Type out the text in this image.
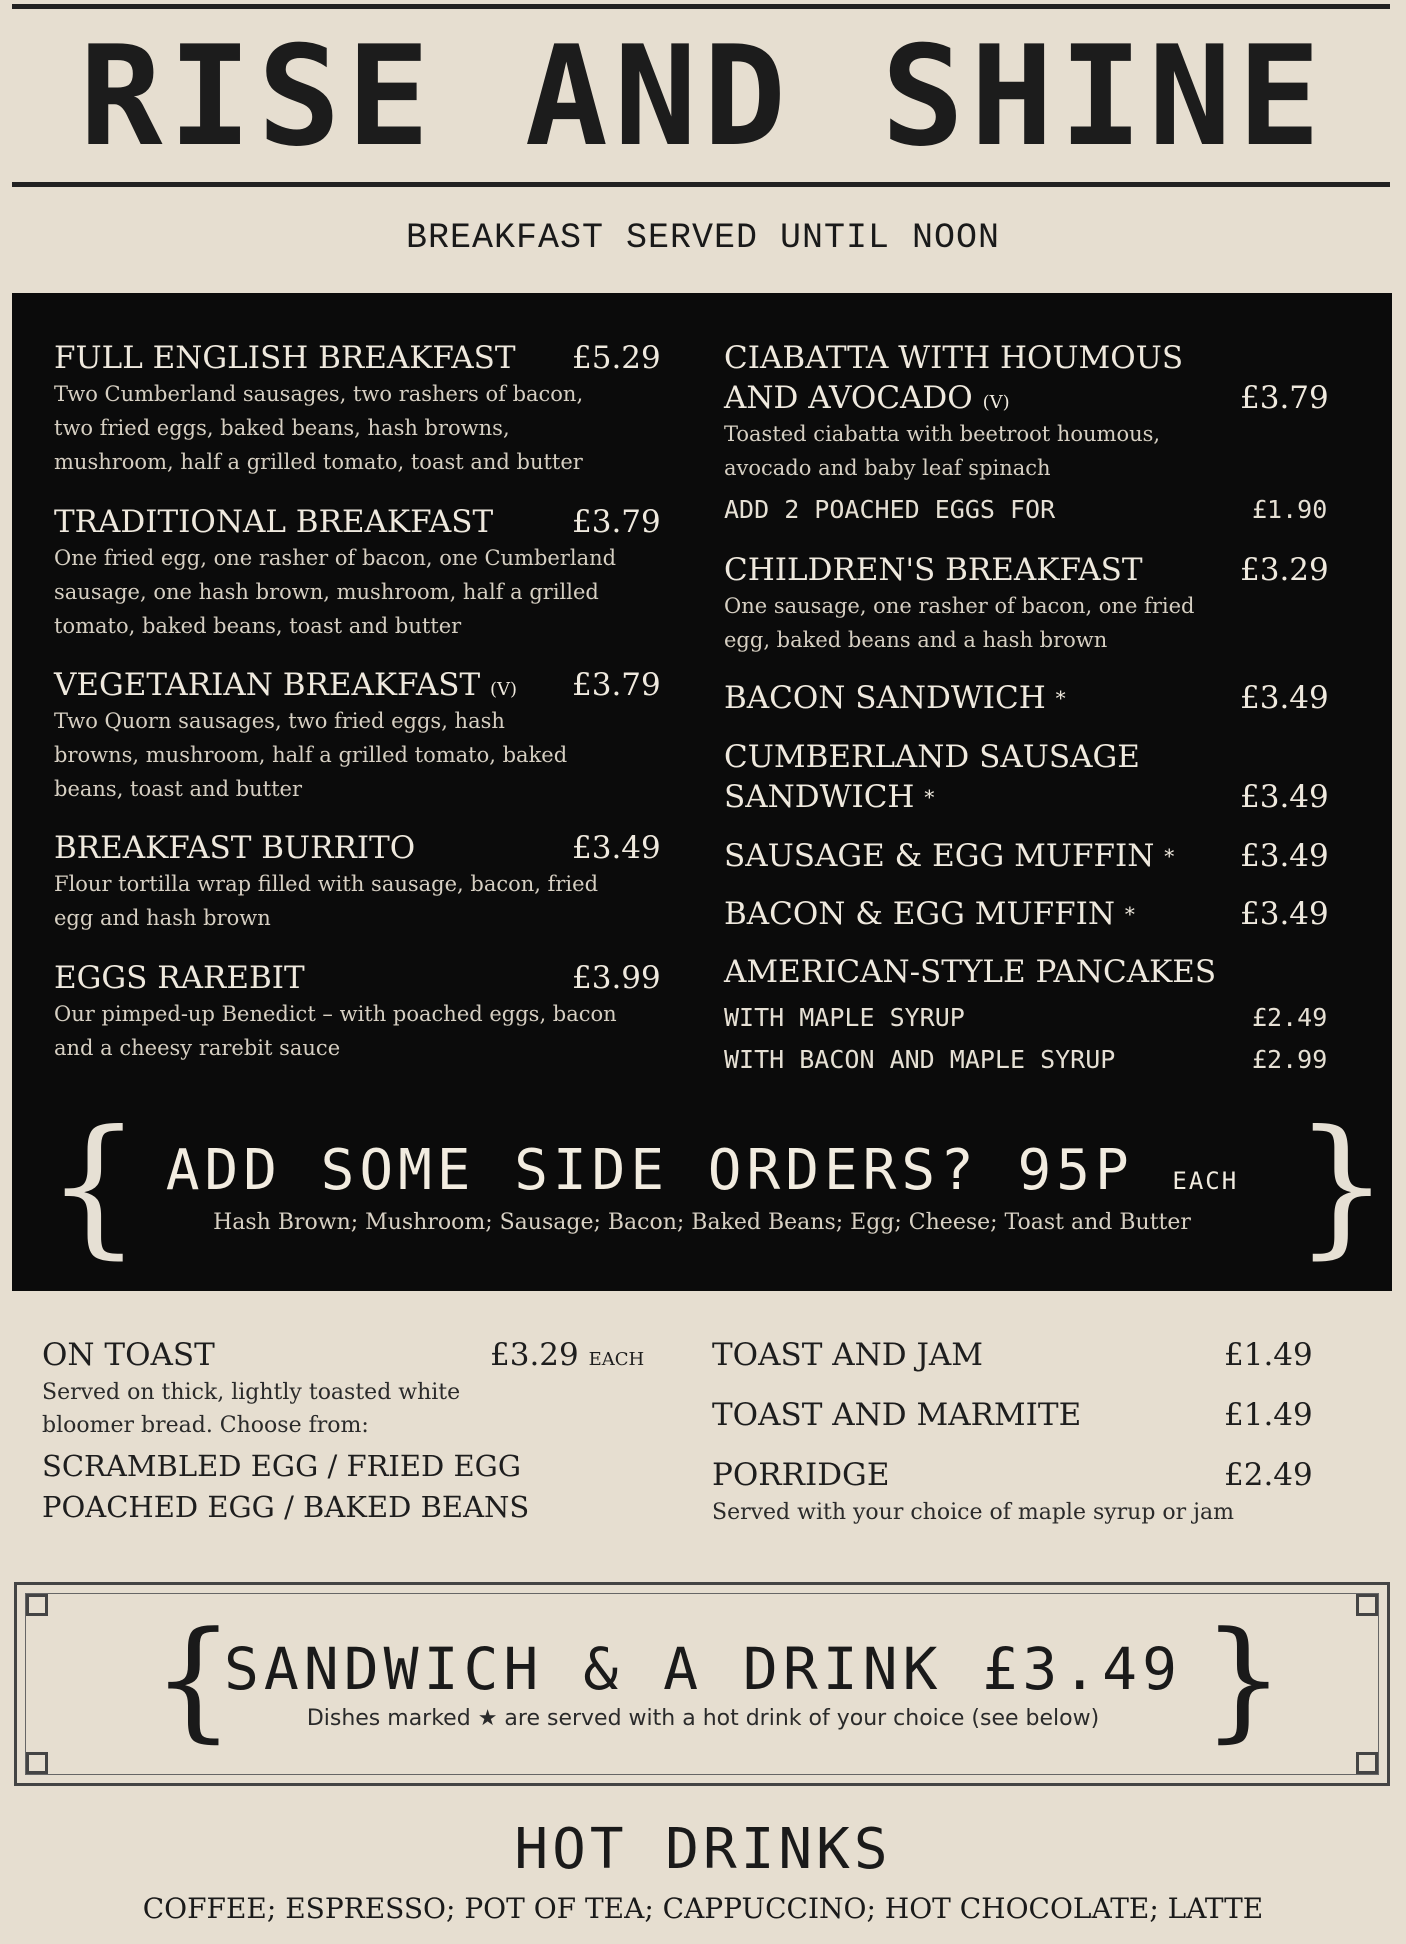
RISE AND SHINE
BREAKFAST SERVED UNTIL NOON
FULL ENGLISH BREAKFAST £5.29
Two Cumberland sausages, two rashers of bacon, two fried eggs, baked beans, hash browns, mushroom, half a grilled tomato, toast and butter
TRADITIONAL BREAKFAST	£3.79
One fried egg, one rasher of bacon, one Cumberland sausage, one hash brown, mushroom, half a grilled tomato, baked beans, toast and butter
VEGETARIAN BREAKFAST (V) £3.79
Two Quorn sausages, two fried eggs, hash browns, mushroom, half a grilled tomato, baked beans, toast and butter
BREAKFAST BURRITO	£3.49
Flour tortilla wrap filled with sausage, bacon, fried egg and hash brown
EGGS RAREBIT	£3.99
Our pimped-up Benedict – with poached eggs, bacon and a cheesy rarebit sauce
CIABATTA WITH HOUMOUS
AND AVOCADO (V)	£3.79
Toasted ciabatta with beetroot houmous, avocado and baby leaf spinach
ADD 2 POACHED EGGS FOR	£1.90
CHILDREN'S BREAKFAST	£3.29
One sausage, one rasher of bacon, one fried egg, baked beans and a hash brown
BACON SANDWICH *	£3.49
CUMBERLAND SAUSAGE
SANDWICH *	£3.49
SAUSAGE & EGG MUFFIN * £3.49
BACON & EGG MUFFIN *	£3.49
AMERICAN-STYLE PANCAKES
WITH MAPLE SYRUP	£2.49
WITH BACON AND MAPLE SYRUP	£2.99
{	}
ADD SOME SIDE ORDERS? 95P EACH
Hash Brown; Mushroom; Sausage; Bacon; Baked Beans; Egg; Cheese; Toast and Butter
ON TOAST	£3.29 EACH
Served on thick, lightly toasted white bloomer bread. Choose from:
SCRAMBLED EGG / FRIED EGG
POACHED EGG / BAKED BEANS
TOAST AND JAM	£1.49
TOAST AND MARMITE	£1.49
PORRIDGE	£2.49
Served with your choice of maple syrup or jam
{	}
SANDWICH & A DRINK £3.49
Dishes marked ★ are served with a hot drink of your choice (see below)
HOT DRINKS
COFFEE; ESPRESSO; POT OF TEA; CAPPUCCINO; HOT CHOCOLATE; LATTE
